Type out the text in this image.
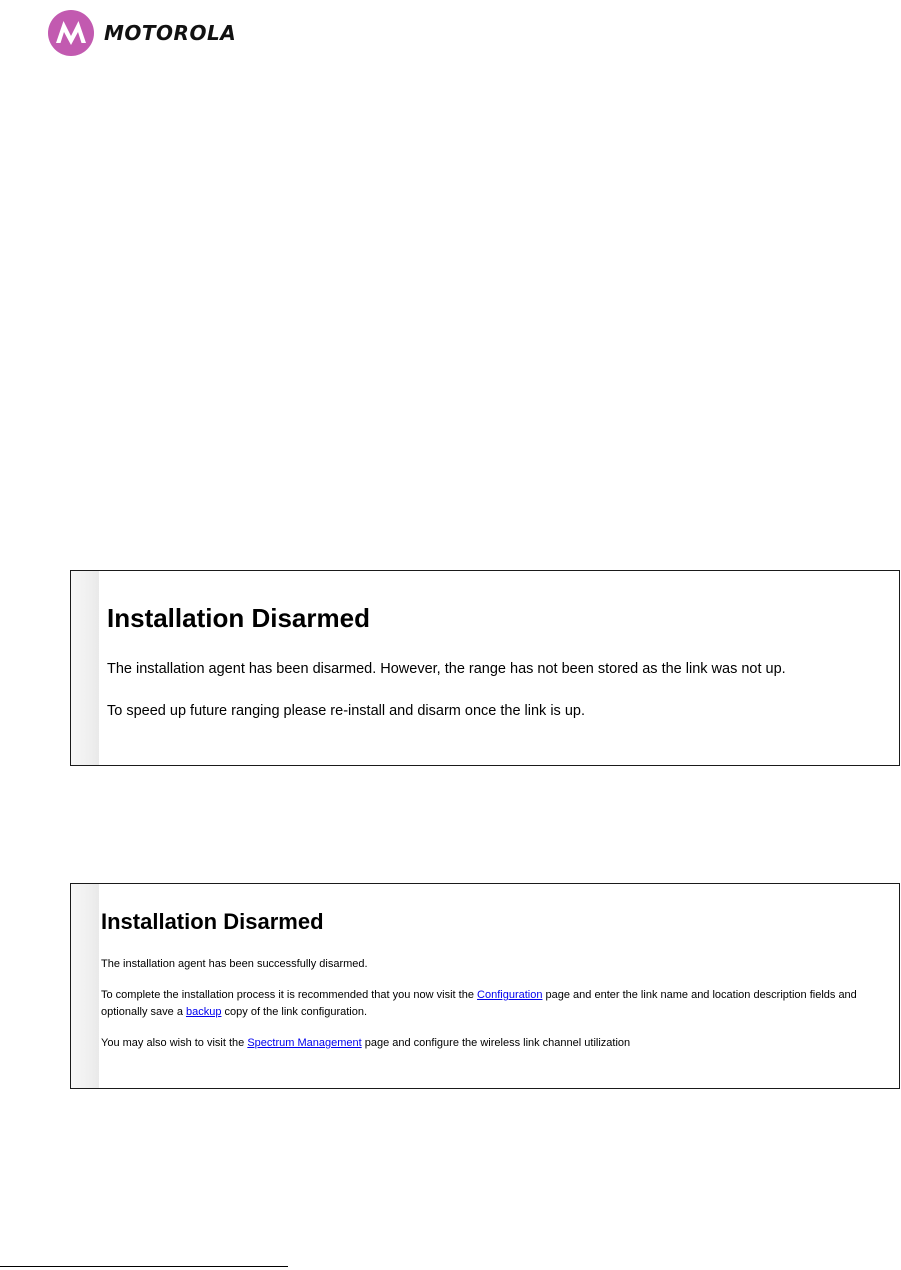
MOTOROLA
Installation Disarmed

The installation agent has been disarmed. However, the range has not been stored as the link was not up.

To speed up future ranging please re-install and disarm once the link is up.

Installation Disarmed

The installation agent has been successfully disarmed.

To complete the installation process it is recommended that you now visit the Configuration page and enter the link name and location description fields and optionally save a backup copy of the link configuration.

You may also wish to visit the Spectrum Management page and configure the wireless link channel utilization
